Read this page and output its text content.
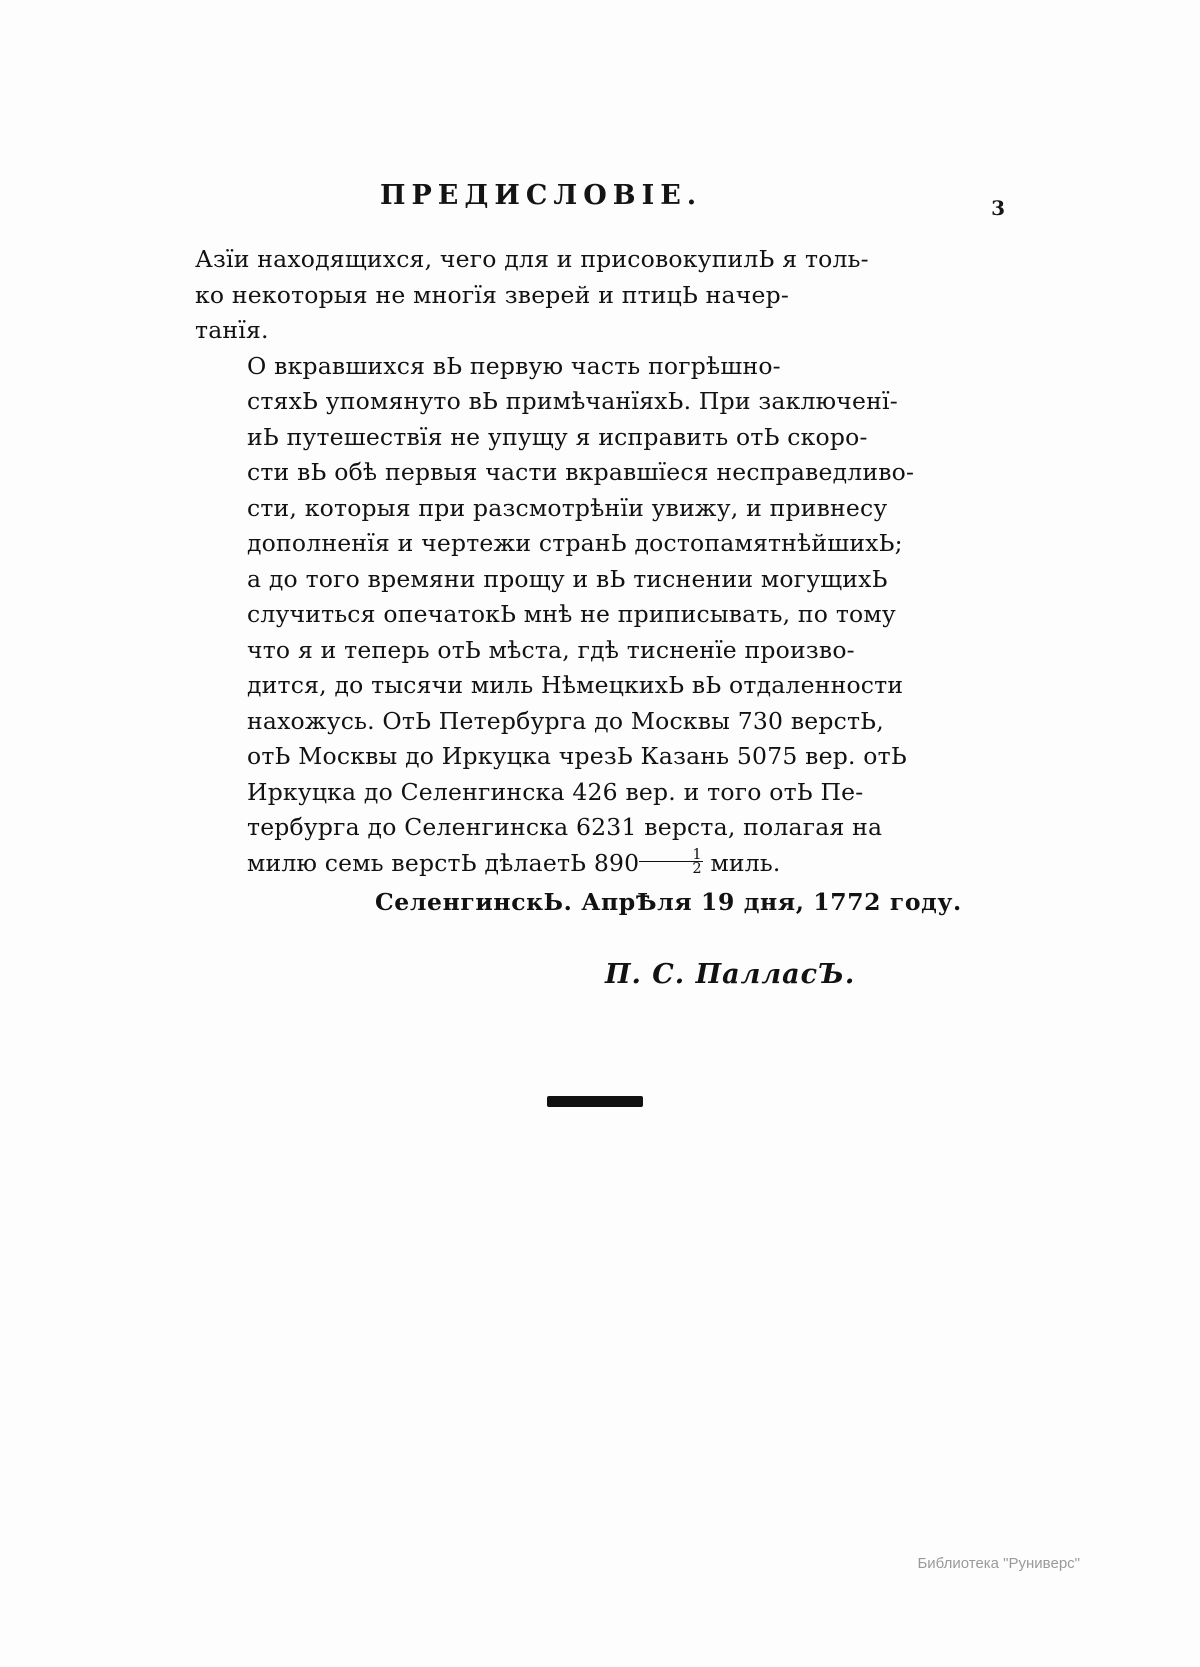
ПРЕДИСЛОВІЕ.	3

Азїи находящихся, чего для и присовокупилЬ я толь-
ко некоторыя не многїя зверей и птицЬ начер-
танїя.

О вкравшихся вЬ первую часть погрѣшно-
стяхЬ упомянуто вЬ примѣчанїяхЬ. При заключенї-
иЬ путешествїя не упущу я исправить отЬ скоро-
сти вЬ обѣ первыя части вкравшїеся несправедливо-
сти, которыя при разсмотрѣнїи увижу, и привнесу
дополненїя и чертежи странЬ достопамятнѣйшихЬ;
а до того времяни прощу и вЬ тиснении могущихЬ
случиться опечатокЬ мнѣ не приписывать, по тому
что я и теперь отЬ мѣста, гдѣ тисненїе произво-
дится, до тысячи миль НѣмецкихЬ вЬ отдаленности
нахожусь. ОтЬ Петербурга до Москвы 730 верстЬ,
отЬ Москвы до Иркуцка чрезЬ Казань 5075 вер. отЬ
Иркуцка до Селенгинска 426 вер. и того отЬ Пе-
тербурга до Селенгинска 6231 верста, полагая на
милю семь верстЬ дѣлаетЬ $890 \frac{1}{2}$ миль.

СеленгинскЬ. АпрѢля 19 дня, 1772 году.
П. С. ПалласЪ.
Библиотека "Руниверс"
